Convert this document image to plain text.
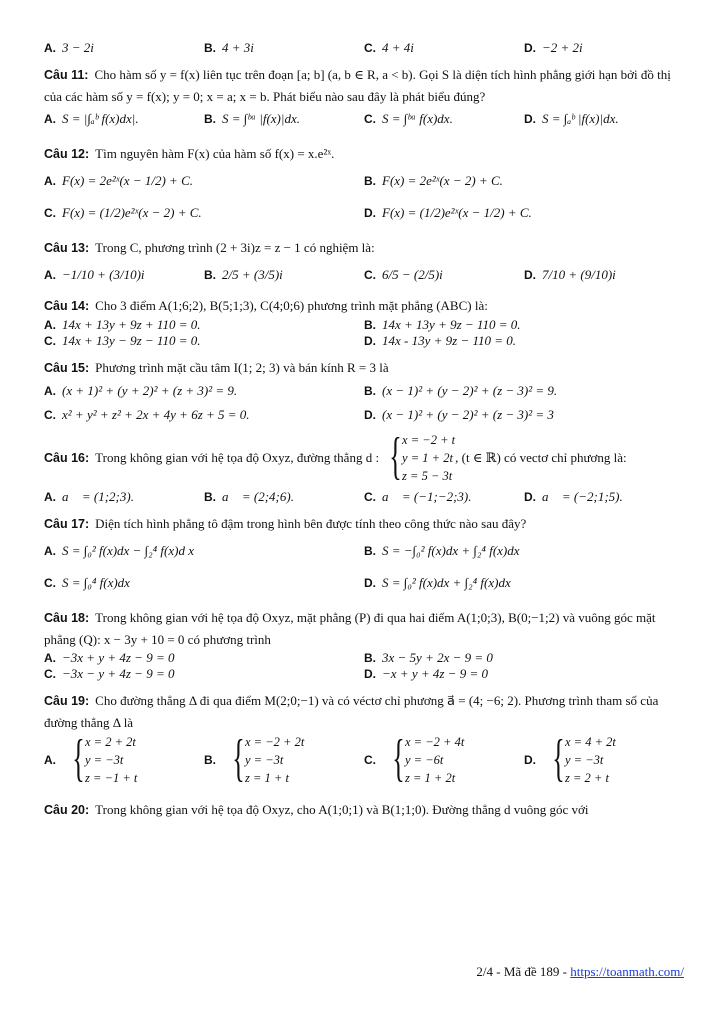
A. 3 − 2i	B. 4 + 3i	C. 4 + 4i	D. −2 + 2i
Câu 11: Cho hàm số y = f(x) liên tục trên đoạn [a; b] (a, b ∈ R, a < b). Gọi S là diện tích hình phẳng giới hạn bởi đồ thị của các hàm số y = f(x); y = 0; x = a; x = b. Phát biểu nào sau đây là phát biểu đúng?
A. S = |∫ₐᵇ f(x)dx|.	B. S = ∫ᵇᵃ |f(x)|dx.	C. S = ∫ᵇᵃ f(x)dx.	D. S = ∫ₐᵇ |f(x)|dx.
Câu 12: Tìm nguyên hàm F(x) của hàm số f(x) = x.e²ˣ.
A. F(x) = 2e²ˣ(x − 1/2) + C.	B. F(x) = 2e²ˣ(x − 2) + C.
C. F(x) = (1/2)e²ˣ(x − 2) + C.	D. F(x) = (1/2)e²ˣ(x − 1/2) + C.
Câu 13: Trong C, phương trình (2 + 3i)z = z − 1 có nghiệm là:
A. −1/10 + (3/10)i	B. 2/5 + (3/5)i	C. 6/5 − (2/5)i	D. 7/10 + (9/10)i
Câu 14: Cho 3 điểm A(1;6;2), B(5;1;3), C(4;0;6) phương trình mặt phẳng (ABC) là:
A. 14x + 13y + 9z + 110 = 0.	B. 14x + 13y + 9z − 110 = 0.
C. 14x + 13y − 9z − 110 = 0.	D. 14x - 13y + 9z − 110 = 0.
Câu 15: Phương trình mặt cầu tâm I(1; 2; 3) và bán kính R = 3 là
A. (x + 1)² + (y + 2)² + (z + 3)² = 9.	B. (x − 1)² + (y − 2)² + (z − 3)² = 9.
C. x² + y² + z² + 2x + 4y + 6z + 5 = 0.	D. (x − 1)² + (y − 2)² + (z − 3)² = 3
Câu 16: Trong không gian với hệ tọa độ Oxyz, đường thẳng d : { x = −2 + t
y = 1 + 2t
z = 5 − 3t
, (t ∈ ℝ) có vectơ chỉ phương là:
A. a⃗ = (1;2;3).	B. a⃗ = (2;4;6).	C. a⃗ = (−1;−2;3).	D. a⃗ = (−2;1;5).
Câu 17: Diện tích hình phẳng tô đậm trong hình bên được tính theo công thức nào sau đây?
A. S = ∫₀² f(x)dx − ∫₂⁴ f(x)d x	B. S = −∫₀² f(x)dx + ∫₂⁴ f(x)dx
C. S = ∫₀⁴ f(x)dx	D. S = ∫₀² f(x)dx + ∫₂⁴ f(x)dx
Câu 18: Trong không gian với hệ tọa độ Oxyz, mặt phẳng (P) đi qua hai điểm A(1;0;3), B(0;−1;2) và vuông góc mặt phẳng (Q): x − 3y + 10 = 0 có phương trình
A. −3x + y + 4z − 9 = 0	B. 3x − 5y + 2x − 9 = 0
C. −3x − y + 4z − 9 = 0	D. −x + y + 4z − 9 = 0
Câu 19: Cho đường thẳng Δ đi qua điểm M(2;0;−1) và có véctơ chỉ phương a⃗ = (4; −6; 2). Phương trình tham số của đường thẳng Δ là
A. { x = 2 + 2t
y = −3t
z = −1 + t
B. { x = −2 + 2t
y = −3t
z = 1 + t
C. { x = −2 + 4t
y = −6t
z = 1 + 2t
D. { x = 4 + 2t
y = −3t
z = 2 + t
Câu 20: Trong không gian với hệ tọa độ Oxyz, cho A(1;0;1) và B(1;1;0). Đường thẳng d vuông góc với
2/4 - Mã đề 189 - https://toanmath.com/
